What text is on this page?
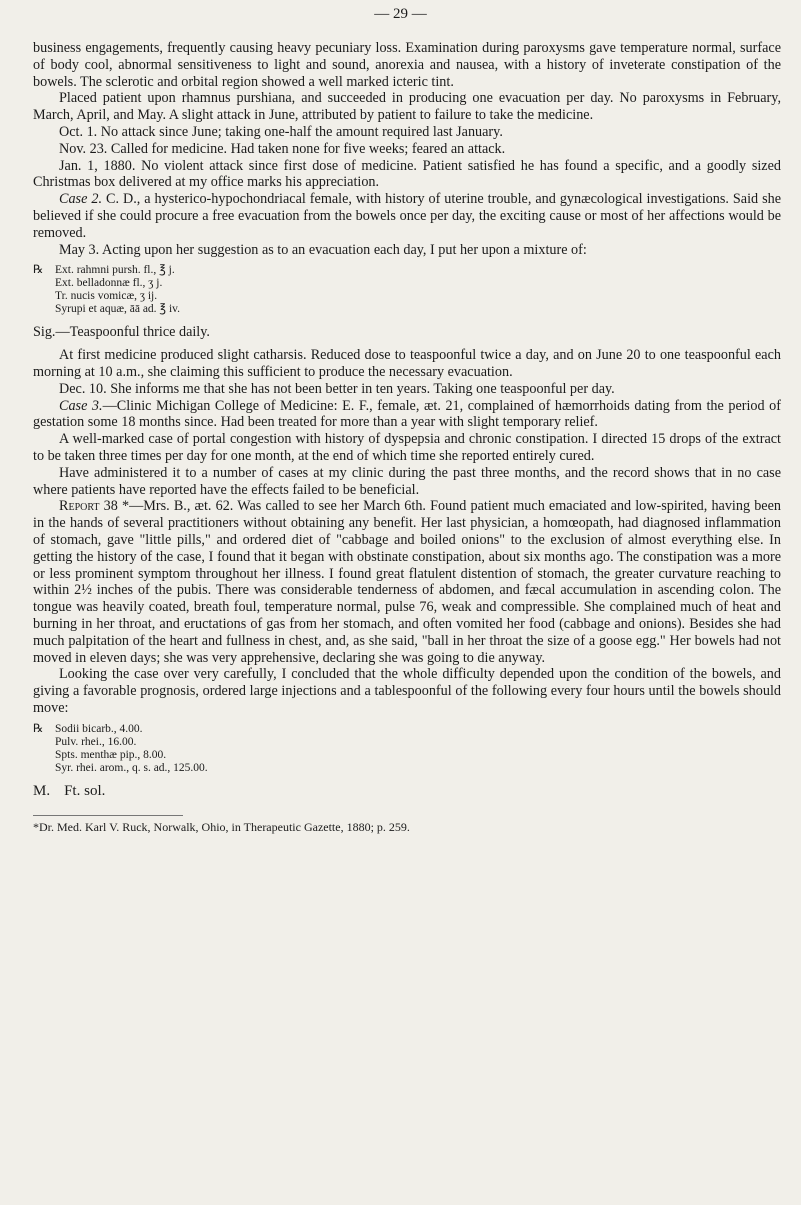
— 29 —

business engagements, frequently causing heavy pecuniary loss. Examination during paroxysms gave temperature normal, surface of body cool, abnormal sensitiveness to light and sound, anorexia and nausea, with a history of inveterate constipation of the bowels. The sclerotic and orbital region showed a well marked icteric tint.

Placed patient upon rhamnus purshiana, and succeeded in producing one evacuation per day. No paroxysms in February, March, April, and May. A slight attack in June, attributed by patient to failure to take the medicine.

Oct. 1. No attack since June; taking one-half the amount required last January.

Nov. 23. Called for medicine. Had taken none for five weeks; feared an attack.

Jan. 1, 1880. No violent attack since first dose of medicine. Patient satisfied he has found a specific, and a goodly sized Christmas box delivered at my office marks his appreciation.

Case 2. C. D., a hysterico-hypochondriacal female, with history of uterine trouble, and gynæcological investigations. Said she believed if she could procure a free evacuation from the bowels once per day, the exciting cause or most of her affections would be removed.

May 3. Acting upon her suggestion as to an evacuation each day, I put her upon a mixture of:

℞ Ext. rahmni pursh. fl., ℥ j.
Ext. belladonnæ fl., ʒ j.
Tr. nucis vomicæ, ʒ ij.
Syrupi et aquæ, āā ad. ℥ iv.

Sig.—Teaspoonful thrice daily.

At first medicine produced slight catharsis. Reduced dose to teaspoonful twice a day, and on June 20 to one teaspoonful each morning at 10 a.m., she claiming this sufficient to produce the necessary evacuation.

Dec. 10. She informs me that she has not been better in ten years. Taking one teaspoonful per day.

Case 3.—Clinic Michigan College of Medicine: E. F., female, æt. 21, complained of hæmorrhoids dating from the period of gestation some 18 months since. Had been treated for more than a year with slight temporary relief.

A well-marked case of portal congestion with history of dyspepsia and chronic constipation. I directed 15 drops of the extract to be taken three times per day for one month, at the end of which time she reported entirely cured.

Have administered it to a number of cases at my clinic during the past three months, and the record shows that in no case where patients have reported have the effects failed to be beneficial.

Report 38 *—Mrs. B., æt. 62. Was called to see her March 6th. Found patient much emaciated and low-spirited, having been in the hands of several practitioners without obtaining any benefit. Her last physician, a homœopath, had diagnosed inflammation of stomach, gave "little pills," and ordered diet of "cabbage and boiled onions" to the exclusion of almost everything else. In getting the history of the case, I found that it began with obstinate constipation, about six months ago. The constipation was a more or less prominent symptom throughout her illness. I found great flatulent distention of stomach, the greater curvature reaching to within 2½ inches of the pubis. There was considerable tenderness of abdomen, and fæcal accumulation in ascending colon. The tongue was heavily coated, breath foul, temperature normal, pulse 76, weak and compressible. She complained much of heat and burning in her throat, and eructations of gas from her stomach, and often vomited her food (cabbage and onions). Besides she had much palpitation of the heart and fullness in chest, and, as she said, "ball in her throat the size of a goose egg." Her bowels had not moved in eleven days; she was very apprehensive, declaring she was going to die anyway.

Looking the case over very carefully, I concluded that the whole difficulty depended upon the condition of the bowels, and giving a favorable prognosis, ordered large injections and a tablespoonful of the following every four hours until the bowels should move:

℞ Sodii bicarb., 4.00.
Pulv. rhei., 16.00.
Spts. menthæ pip., 8.00.
Syr. rhei. arom., q. s. ad., 125.00.

M. Ft. sol.

*Dr. Med. Karl V. Ruck, Norwalk, Ohio, in Therapeutic Gazette, 1880; p. 259.
